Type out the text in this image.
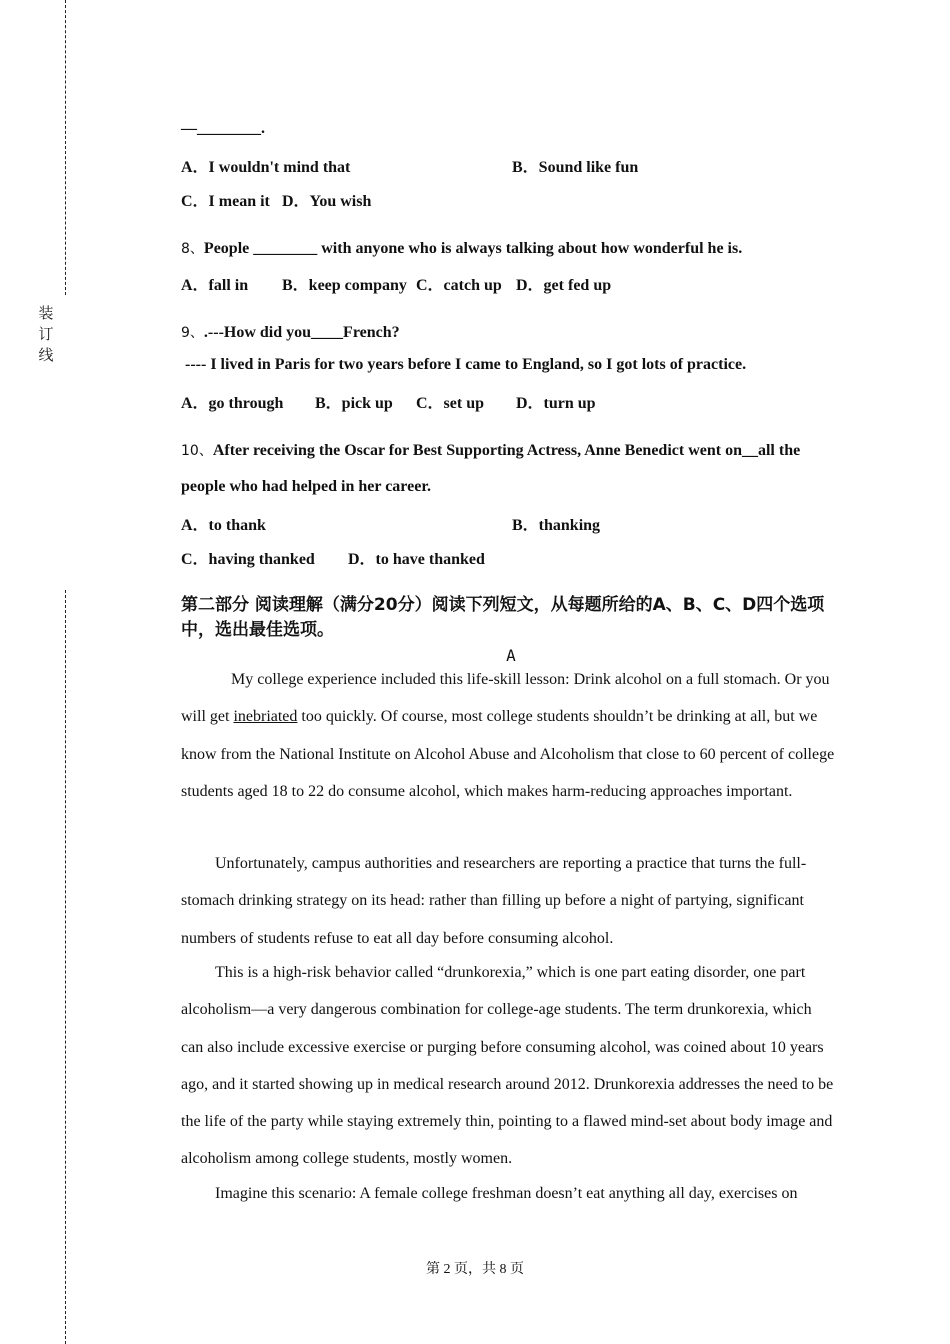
装
订
线
—________.
A．I wouldn't mind that	B．Sound like fun
C．I mean it D．You wish
8、People ________ with anyone who is always talking about how wonderful he is.
A．fall in B．keep company C．catch up D．get fed up
9、.---How did you____French?
---- I lived in Paris for two years before I came to England, so I got lots of practice.
A．go through B．pick up C．set up D．turn up
10、After receiving the Oscar for Best Supporting Actress, Anne Benedict went on__all the
people who had helped in her career.
A．to thank	B．thanking
C．having thanked D．to have thanked
第二部分 阅读理解（满分20分）阅读下列短文，从每题所给的A、B、C、D四个选项中，选出最佳选项。
A
My college experience included this life-skill lesson: Drink alcohol on a full stomach. Or you will get inebriated too quickly. Of course, most college students shouldn’t be drinking at all, but we know from the National Institute on Alcohol Abuse and Alcoholism that close to 60 percent of college students aged 18 to 22 do consume alcohol, which makes harm-reducing approaches important.
Unfortunately, campus authorities and researchers are reporting a practice that turns the full-stomach drinking strategy on its head: rather than filling up before a night of partying, significant numbers of students refuse to eat all day before consuming alcohol.
This is a high-risk behavior called “drunkorexia,” which is one part eating disorder, one part alcoholism—a very dangerous combination for college-age students. The term drunkorexia, which can also include excessive exercise or purging before consuming alcohol, was coined about 10 years ago, and it started showing up in medical research around 2012. Drunkorexia addresses the need to be the life of the party while staying extremely thin, pointing to a flawed mind-set about body image and alcoholism among college students, mostly women.
Imagine this scenario: A female college freshman doesn’t eat anything all day, exercises on
第 2 页，共 8 页
